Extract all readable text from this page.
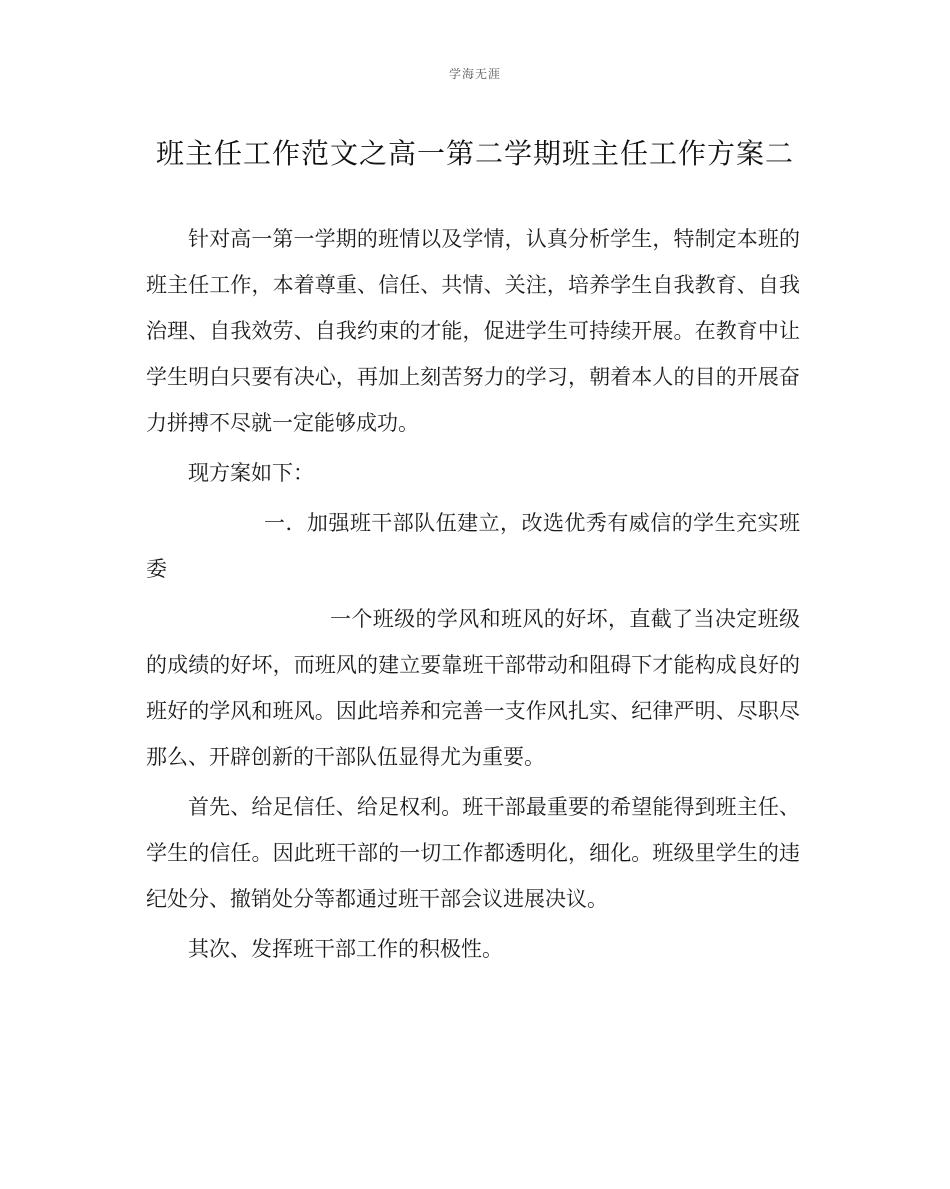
学海无涯
班主任工作范文之高一第二学期班主任工作方案二

针对高一第一学期的班情以及学情，认真分析学生，特制定本班的班主任工作，本着尊重、信任、共情、关注，培养学生自我教育、自我治理、自我效劳、自我约束的才能，促进学生可持续开展。在教育中让学生明白只要有决心，再加上刻苦努力的学习，朝着本人的目的开展奋力拼搏不尽就一定能够成功。

现方案如下：

一．加强班干部队伍建立，改选优秀有威信的学生充实班委

一个班级的学风和班风的好坏，直截了当决定班级的成绩的好坏，而班风的建立要靠班干部带动和阻碍下才能构成良好的班好的学风和班风。因此培养和完善一支作风扎实、纪律严明、尽职尽那么、开辟创新的干部队伍显得尤为重要。

首先、给足信任、给足权利。班干部最重要的希望能得到班主任、学生的信任。因此班干部的一切工作都透明化，细化。班级里学生的违纪处分、撤销处分等都通过班干部会议进展决议。

其次、发挥班干部工作的积极性。
